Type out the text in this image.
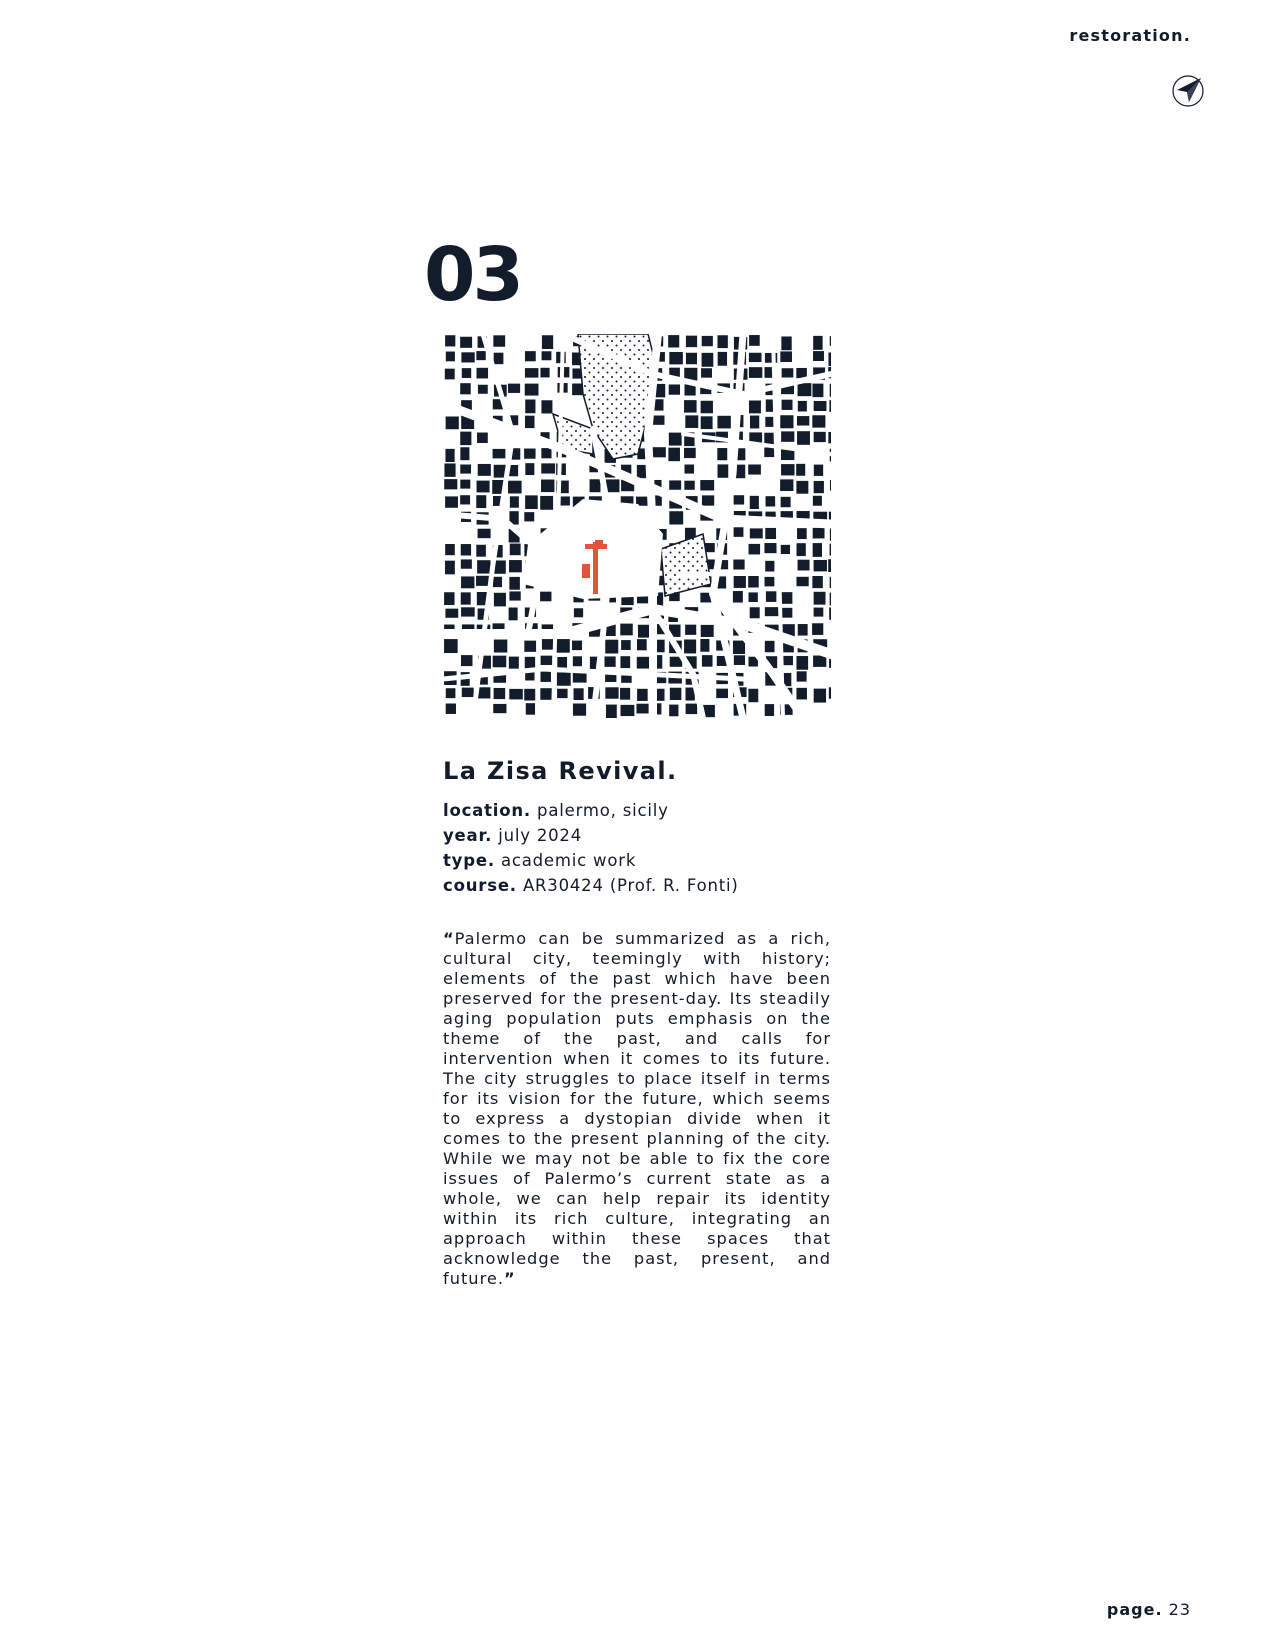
restoration.
03
La Zisa Revival.
location. palermo, sicily
year. july 2024
type. academic work
course. AR30424 (Prof. R. Fonti)
“Palermo can be summarized as a rich, cultural city, teemingly with history; elements of the past which have been preserved for the present-day. Its steadily aging population puts emphasis on the theme of the past, and calls for intervention when it comes to its future. The city struggles to place itself in terms for its vision for the future, which seems to express a dystopian divide when it comes to the present planning of the city. While we may not be able to fix the core issues of Palermo’s current state as a whole, we can help repair its identity within its rich culture, integrating an approach within these spaces that acknowledge the past, present, and future.”
page. 23
